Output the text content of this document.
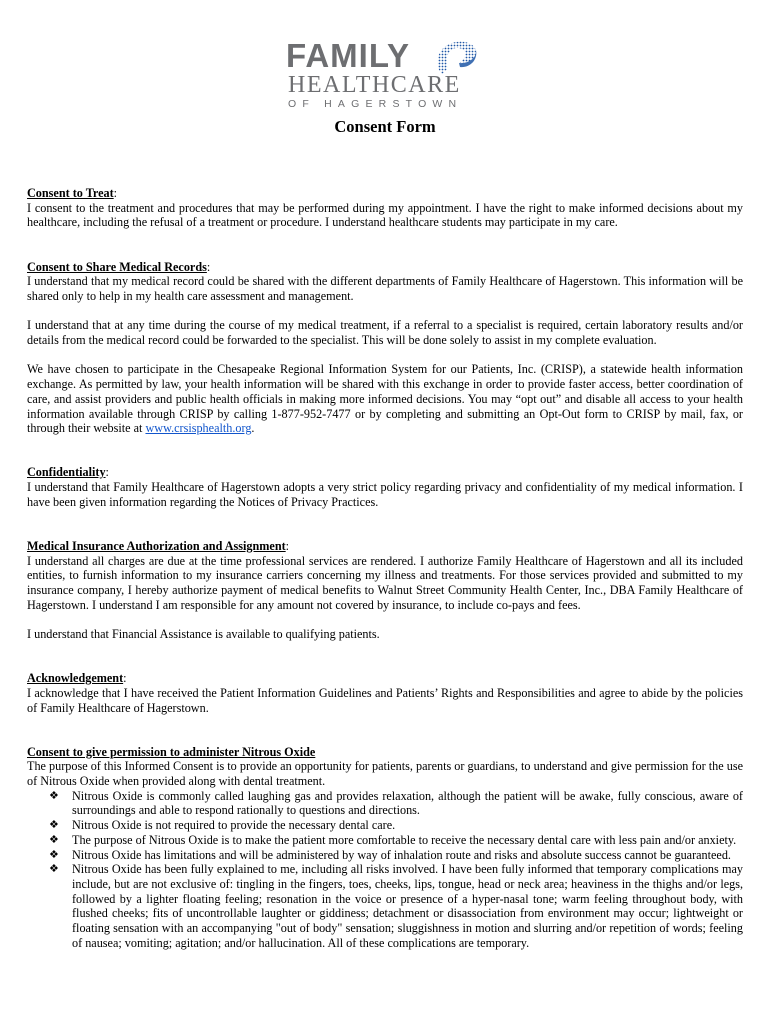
FAMILY
HEALTHCARE
OF HAGERSTOWN
Consent Form
Consent to Treat:

I consent to the treatment and procedures that may be performed during my appointment. I have the right to make informed decisions about my healthcare, including the refusal of a treatment or procedure. I understand healthcare students may participate in my care.

Consent to Share Medical Records:

I understand that my medical record could be shared with the different departments of Family Healthcare of Hagerstown. This information will be shared only to help in my health care assessment and management.

I understand that at any time during the course of my medical treatment, if a referral to a specialist is required, certain laboratory results and/or details from the medical record could be forwarded to the specialist. This will be done solely to assist in my complete evaluation.

We have chosen to participate in the Chesapeake Regional Information System for our Patients, Inc. (CRISP), a statewide health information exchange. As permitted by law, your health information will be shared with this exchange in order to provide faster access, better coordination of care, and assist providers and public health officials in making more informed decisions. You may “opt out” and disable all access to your health information available through CRISP by calling 1-877-952-7477 or by completing and submitting an Opt-Out form to CRISP by mail, fax, or through their website at www.crsisphealth.org.

Confidentiality:

I understand that Family Healthcare of Hagerstown adopts a very strict policy regarding privacy and confidentiality of my medical information. I have been given information regarding the Notices of Privacy Practices.

Medical Insurance Authorization and Assignment:

I understand all charges are due at the time professional services are rendered. I authorize Family Healthcare of Hagerstown and all its included entities, to furnish information to my insurance carriers concerning my illness and treatments. For those services provided and submitted to my insurance company, I hereby authorize payment of medical benefits to Walnut Street Community Health Center, Inc., DBA Family Healthcare of Hagerstown. I understand I am responsible for any amount not covered by insurance, to include co-pays and fees.

I understand that Financial Assistance is available to qualifying patients.

Acknowledgement:

I acknowledge that I have received the Patient Information Guidelines and Patients’ Rights and Responsibilities and agree to abide by the policies of Family Healthcare of Hagerstown.

Consent to give permission to administer Nitrous Oxide

The purpose of this Informed Consent is to provide an opportunity for patients, parents or guardians, to understand and give permission for the use of Nitrous Oxide when provided along with dental treatment.

❖ Nitrous Oxide is commonly called laughing gas and provides relaxation, although the patient will be awake, fully conscious, aware of surroundings and able to respond rationally to questions and directions.
❖ Nitrous Oxide is not required to provide the necessary dental care.
❖ The purpose of Nitrous Oxide is to make the patient more comfortable to receive the necessary dental care with less pain and/or anxiety.
❖ Nitrous Oxide has limitations and will be administered by way of inhalation route and risks and absolute success cannot be guaranteed.
❖ Nitrous Oxide has been fully explained to me, including all risks involved. I have been fully informed that temporary complications may include, but are not exclusive of: tingling in the fingers, toes, cheeks, lips, tongue, head or neck area; heaviness in the thighs and/or legs, followed by a lighter floating feeling; resonation in the voice or presence of a hyper-nasal tone; warm feeling throughout body, with flushed cheeks; fits of uncontrollable laughter or giddiness; detachment or disassociation from environment may occur; lightweight or floating sensation with an accompanying "out of body" sensation; sluggishness in motion and slurring and/or repetition of words; feeling of nausea; vomiting; agitation; and/or hallucination. All of these complications are temporary.
